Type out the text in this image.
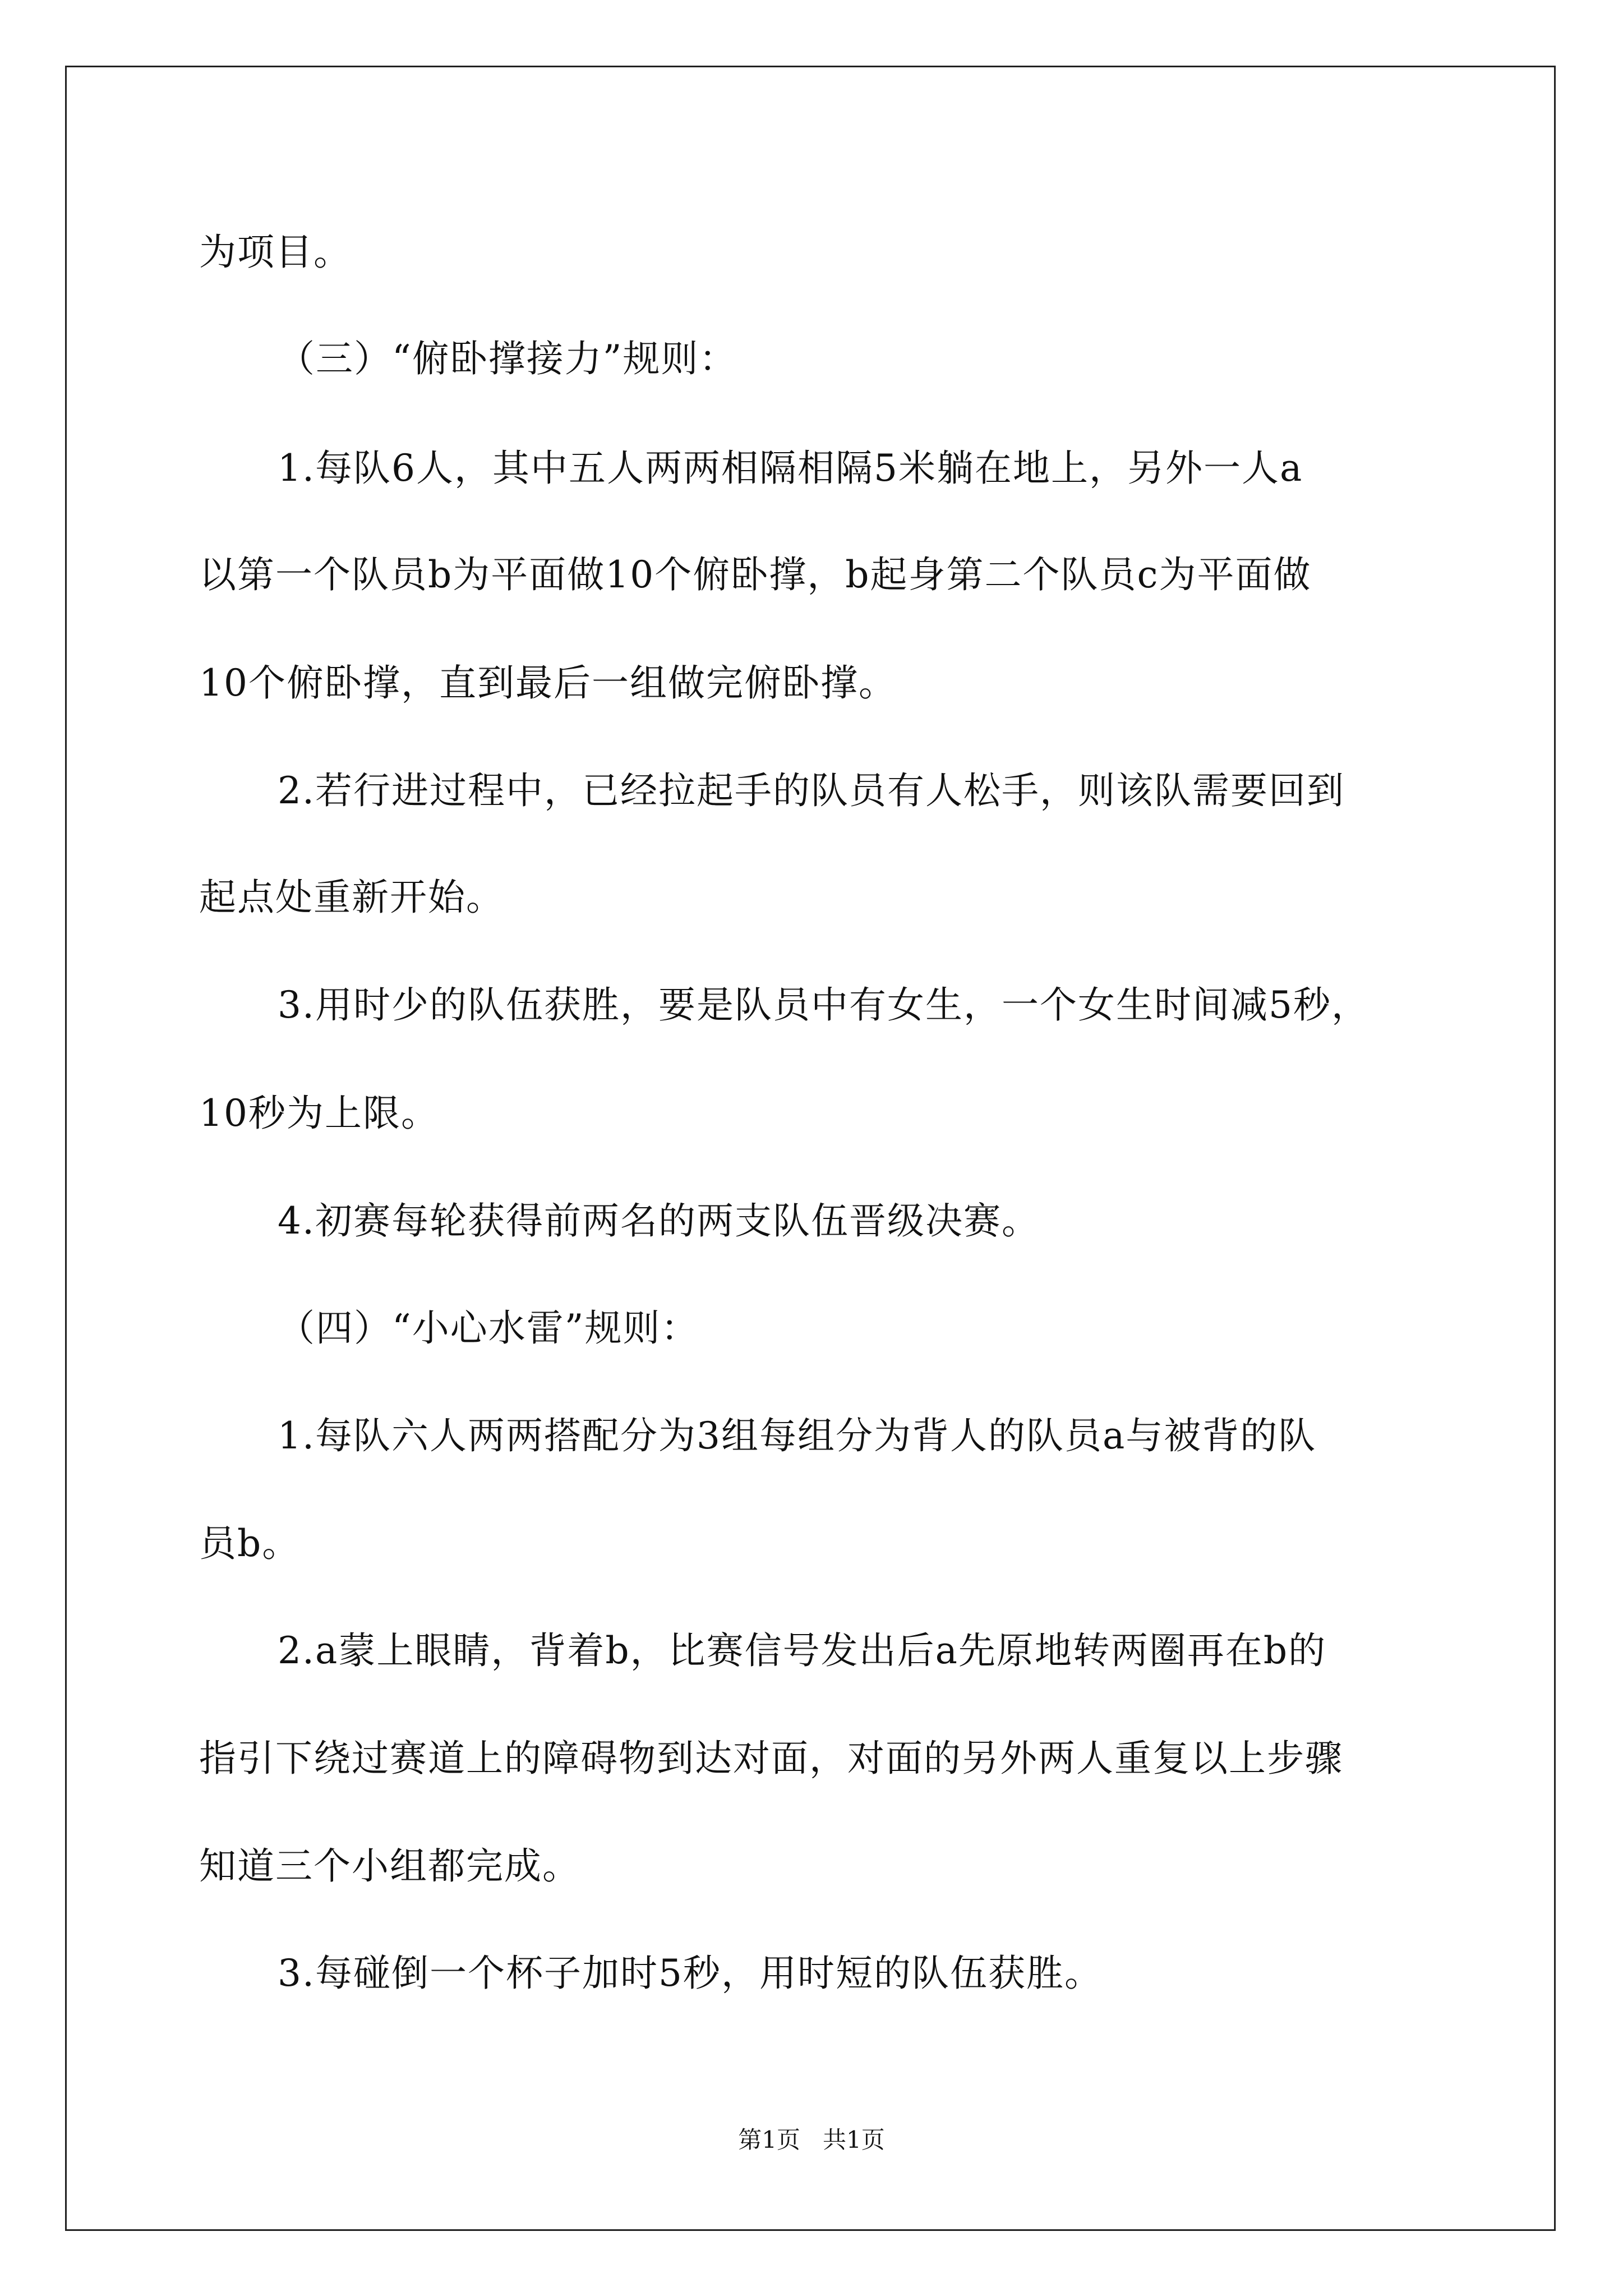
为项目。
（三）“俯卧撑接力”规则：
1.每队6人，其中五人两两相隔相隔5米躺在地上，另外一人a
以第一个队员b为平面做10个俯卧撑，b起身第二个队员c为平面做
10个俯卧撑，直到最后一组做完俯卧撑。
2.若行进过程中，已经拉起手的队员有人松手，则该队需要回到
起点处重新开始。
3.用时少的队伍获胜，要是队员中有女生，一个女生时间减5秒，
10秒为上限。
4.初赛每轮获得前两名的两支队伍晋级决赛。
（四）“小心水雷”规则：
1.每队六人两两搭配分为3组每组分为背人的队员a与被背的队
员b。
2.a蒙上眼睛，背着b，比赛信号发出后a先原地转两圈再在b的
指引下绕过赛道上的障碍物到达对面，对面的另外两人重复以上步骤
知道三个小组都完成。
3.每碰倒一个杯子加时5秒，用时短的队伍获胜。
第1页 共1页
